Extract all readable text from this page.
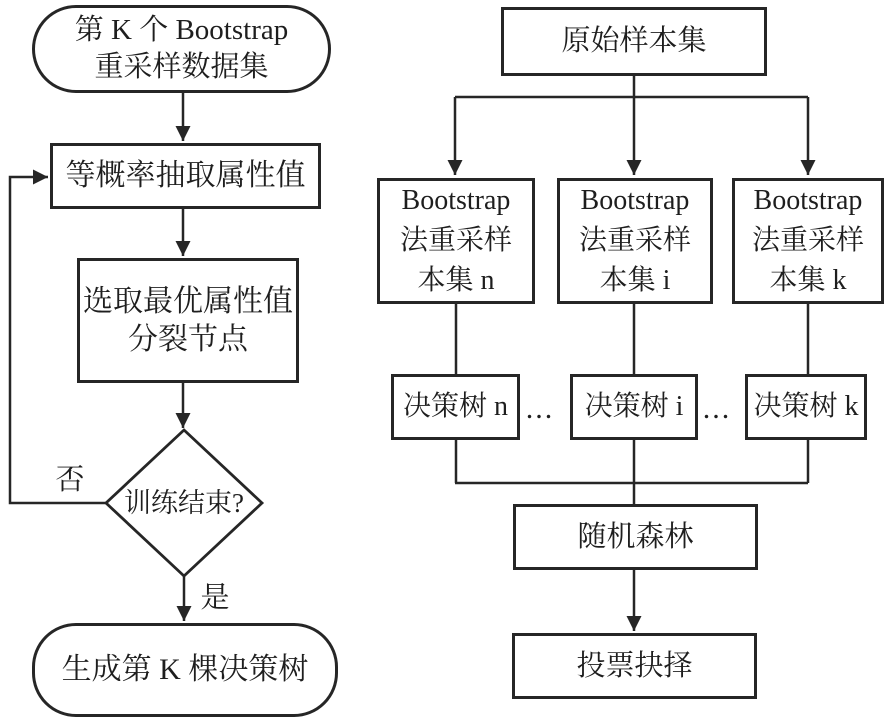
第 K 个 Bootstrap
重采样数据集
等概率抽取属性值
选取最优属性值
分裂节点
训练结束?
否
是
生成第 K 棵决策树
原始样本集
Bootstrap
法重采样
本集 n
Bootstrap
法重采样
本集 i
Bootstrap
法重采样
本集 k
决策树 n ... 决策树 i ... 决策树 k
随机森林
投票抉择
